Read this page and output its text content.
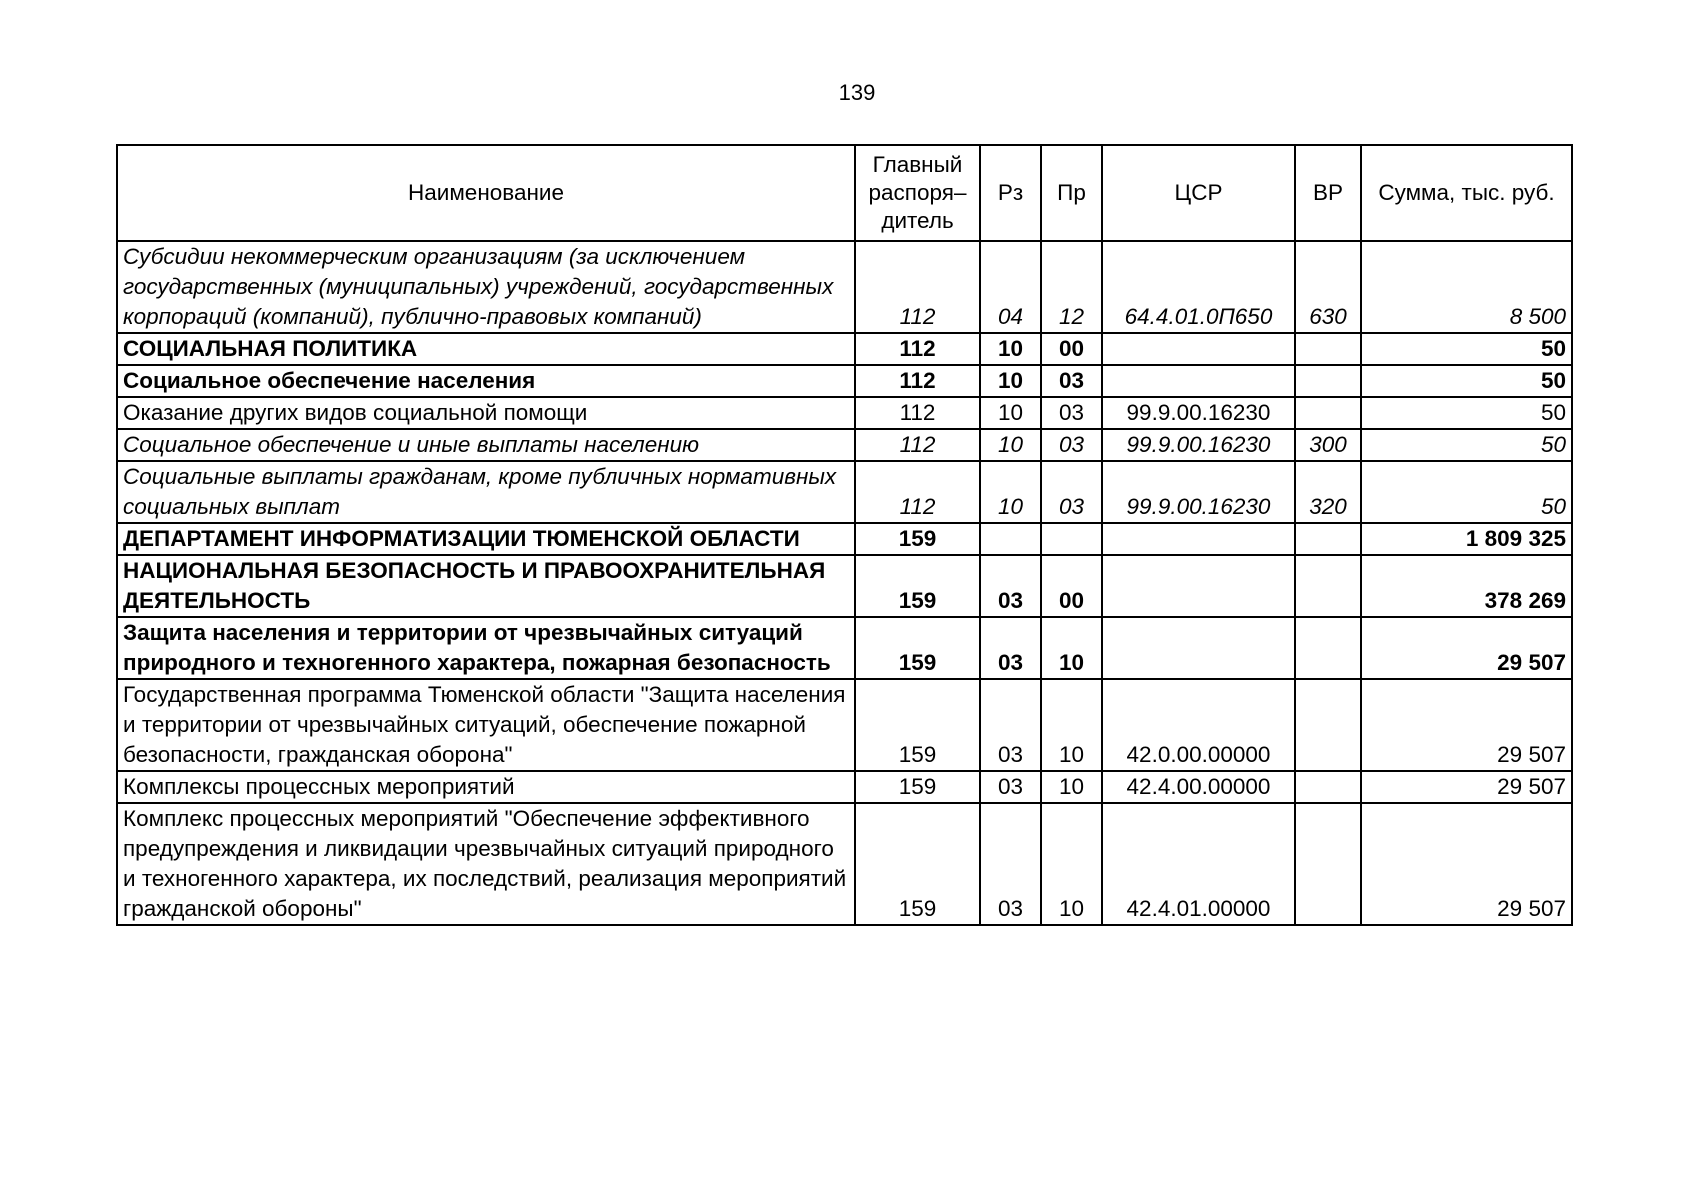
139
Наименование	Главный распоря–дитель	Рз	Пр	ЦСР	ВР	Сумма, тыс. руб.
Субсидии некоммерческим организациям (за исключением государственных (муниципальных) учреждений, государственных корпораций (компаний), публично-правовых компаний)	112	04	12	64.4.01.0П650	630	8 500
СОЦИАЛЬНАЯ ПОЛИТИКА	112	10	00			50
Социальное обеспечение населения	112	10	03			50
Оказание других видов социальной помощи	112	10	03	99.9.00.16230		50
Социальное обеспечение и иные выплаты населению	112	10	03	99.9.00.16230	300	50
Социальные выплаты гражданам, кроме публичных нормативных социальных выплат	112	10	03	99.9.00.16230	320	50
ДЕПАРТАМЕНТ ИНФОРМАТИЗАЦИИ ТЮМЕНСКОЙ ОБЛАСТИ	159					1 809 325
НАЦИОНАЛЬНАЯ БЕЗОПАСНОСТЬ И ПРАВООХРАНИТЕЛЬНАЯ ДЕЯТЕЛЬНОСТЬ	159	03	00			378 269
Защита населения и территории от чрезвычайных ситуаций природного и техногенного характера, пожарная безопасность	159	03	10			29 507
Государственная программа Тюменской области "Защита населения и территории от чрезвычайных ситуаций, обеспечение пожарной безопасности, гражданская оборона"	159	03	10	42.0.00.00000		29 507
Комплексы процессных мероприятий	159	03	10	42.4.00.00000		29 507
Комплекс процессных мероприятий "Обеспечение эффективного предупреждения и ликвидации чрезвычайных ситуаций природного и техногенного характера, их последствий, реализация мероприятий гражданской обороны"	159	03	10	42.4.01.00000		29 507
